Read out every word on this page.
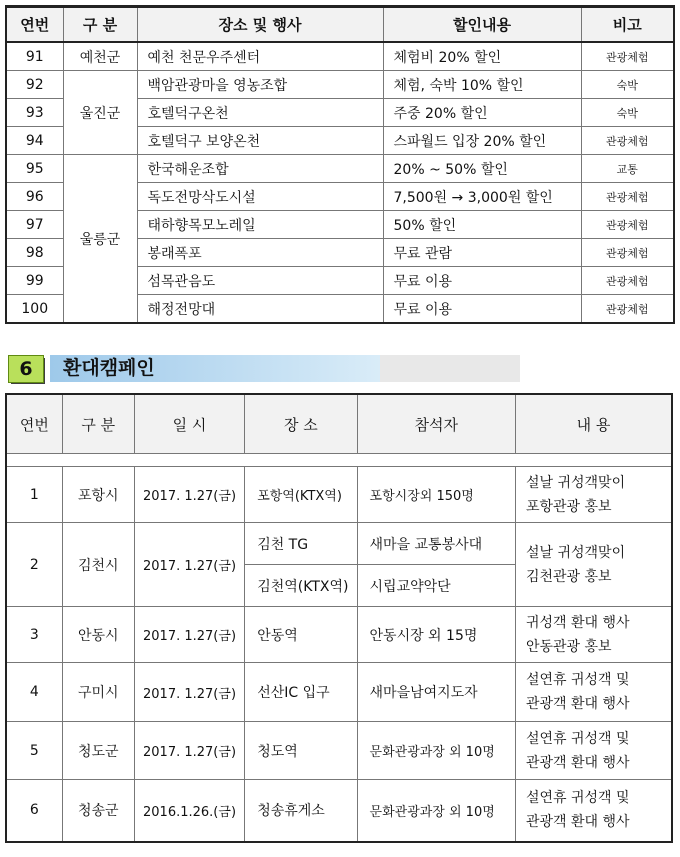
연번	구 분	장소 및 행사	할인내용	비고
91	예천군	예천 천문우주센터	체험비 20% 할인	관광체험
92	울진군	백암관광마을 영농조합	체험, 숙박 10% 할인	숙박
93		호텔덕구온천	주중 20% 할인	숙박
94		호텔덕구 보양온천	스파월드 입장 20% 할인	관광체험
95	울릉군	한국해운조합	20% ~ 50% 할인	교통
96		독도전망삭도시설	7,500원 → 3,000원 할인	관광체험
97		태하향목모노레일	50% 할인	관광체험
98		봉래폭포	무료 관람	관광체험
99		섬목관음도	무료 이용	관광체험
100		해정전망대	무료 이용	관광체험
6	환대캠페인
연번	구 분	일 시	장 소	참석자	내 용

1	포항시	2017. 1.27(금)	포항역(KTX역)	포항시장외 150명	설날 귀성객맞이
포항관광 홍보

2	김천시	2017. 1.27(금)	김천 TG	새마을 교통봉사대	설날 귀성객맞이
김천관광 홍보

			김천역(KTX역)	시립교약악단	
3	안동시	2017. 1.27(금)	안동역	안동시장 외 15명	귀성객 환대 행사
안동관광 홍보

4	구미시	2017. 1.27(금)	선산IC 입구	새마을남여지도자	설연휴 귀성객 및
관광객 환대 행사

5	청도군	2017. 1.27(금)	청도역	문화관광과장 외 10명	설연휴 귀성객 및
관광객 환대 행사

6	청송군	2016.1.26.(금)	청송휴게소	문화관광과장 외 10명	설연휴 귀성객 및
관광객 환대 행사
